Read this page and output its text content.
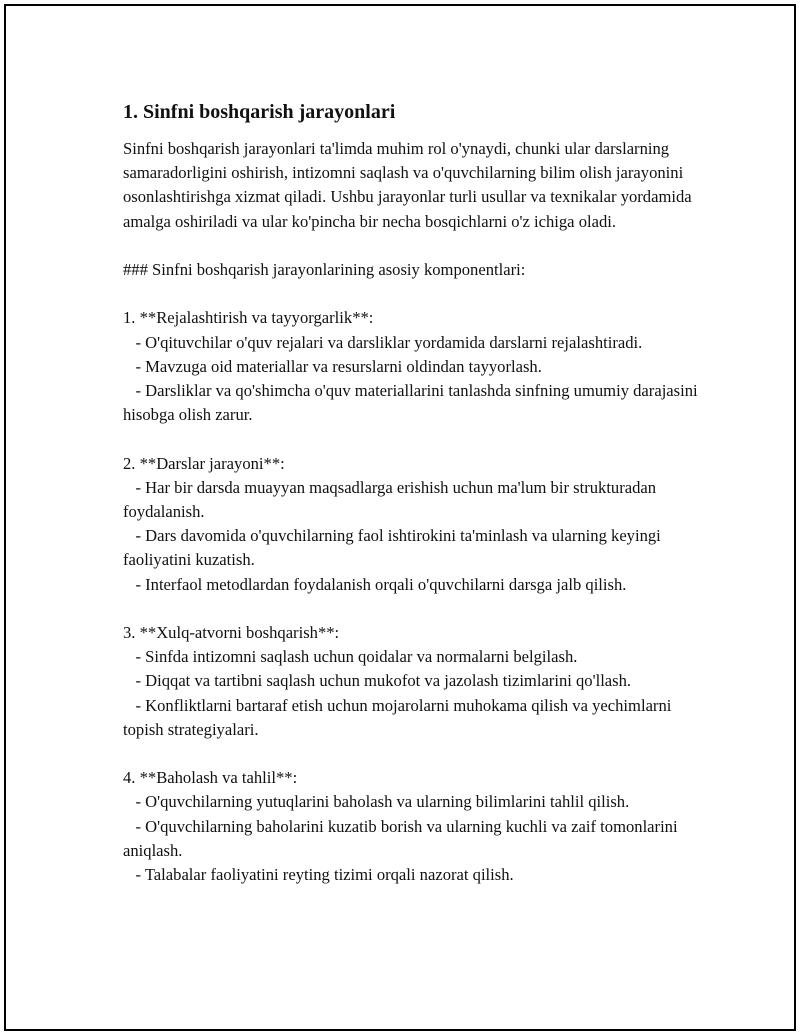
1. Sinfni boshqarish jarayonlari

Sinfni boshqarish jarayonlari ta'limda muhim rol o'ynaydi, chunki ular darslarning samaradorligini oshirish, intizomni saqlash va o'quvchilarning bilim olish jarayonini osonlashtirishga xizmat qiladi. Ushbu jarayonlar turli usullar va texnikalar yordamida amalga oshiriladi va ular ko'pincha bir necha bosqichlarni o'z ichiga oladi.

### Sinfni boshqarish jarayonlarining asosiy komponentlari:

1. **Rejalashtirish va tayyorgarlik**:

- O'qituvchilar o'quv rejalari va darsliklar yordamida darslarni rejalashtiradi.

- Mavzuga oid materiallar va resurslarni oldindan tayyorlash.

- Darsliklar va qo'shimcha o'quv materiallarini tanlashda sinfning umumiy darajasini hisobga olish zarur.

2. **Darslar jarayoni**:

- Har bir darsda muayyan maqsadlarga erishish uchun ma'lum bir strukturadan foydalanish.

- Dars davomida o'quvchilarning faol ishtirokini ta'minlash va ularning keyingi faoliyatini kuzatish.

- Interfaol metodlardan foydalanish orqali o'quvchilarni darsga jalb qilish.

3. **Xulq-atvorni boshqarish**:

- Sinfda intizomni saqlash uchun qoidalar va normalarni belgilash.

- Diqqat va tartibni saqlash uchun mukofot va jazolash tizimlarini qo'llash.

- Konfliktlarni bartaraf etish uchun mojarolarni muhokama qilish va yechimlarni topish strategiyalari.

4. **Baholash va tahlil**:

- O'quvchilarning yutuqlarini baholash va ularning bilimlarini tahlil qilish.

- O'quvchilarning baholarini kuzatib borish va ularning kuchli va zaif tomonlarini aniqlash.

- Talabalar faoliyatini reyting tizimi orqali nazorat qilish.
